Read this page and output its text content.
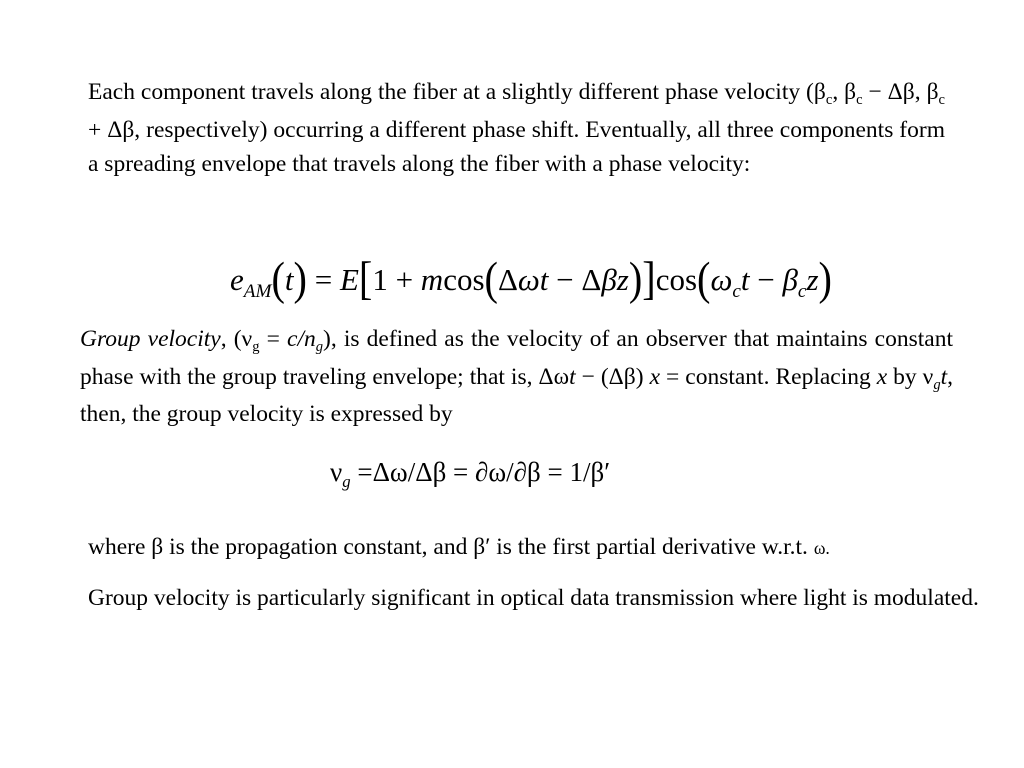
Each component travels along the fiber at a slightly different phase velocity ($\beta_c$, $\beta_c - \Delta\beta$, $\beta_c + \Delta\beta$, respectively) occurring a different phase shift. Eventually, all three components form a spreading envelope that travels along the fiber with a phase velocity:

$e_{AM}(t) = E[1 + mcos(\Delta\omega t - \Delta\beta z)]\cos(\omega_ct - \beta_cz)$

Group velocity, $(\nu_g = c/n_g)$, is defined as the velocity of an observer that maintains constant phase with the group traveling envelope; that is, Δωt − (Δβ) x = constant. Replacing x by $\nu_gt$, then, the group velocity is expressed by

$\nu_g =\Delta\omega/\Delta\beta = \partial\omega/\partial\beta = 1/\beta'$

where β is the propagation constant, and β′ is the first partial derivative w.r.t. ω.

Group velocity is particularly significant in optical data transmission where light is modulated.
